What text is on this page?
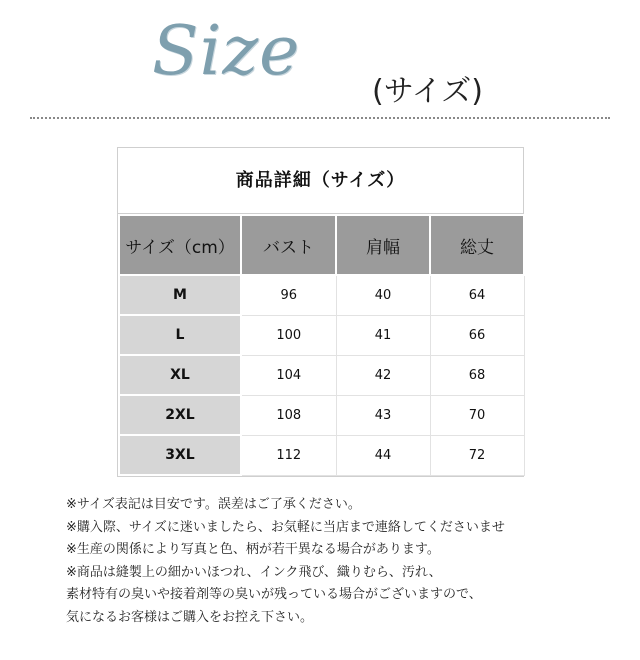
Size
(サイズ)
商品詳細（サイズ）
サイズ（cm）	バスト	肩幅	総丈
M	96	40	64
L	100	41	66
XL	104	42	68
2XL	108	43	70
3XL	112	44	72
※サイズ表記は目安です。誤差はご了承ください。
※購入際、サイズに迷いましたら、お気軽に当店まで連絡してくださいませ
※生産の関係により写真と色、柄が若干異なる場合があります。
※商品は縫製上の細かいほつれ、インク飛び、織りむら、汚れ、
素材特有の臭いや接着剤等の臭いが残っている場合がございますので、
気になるお客様はご購入をお控え下さい。
